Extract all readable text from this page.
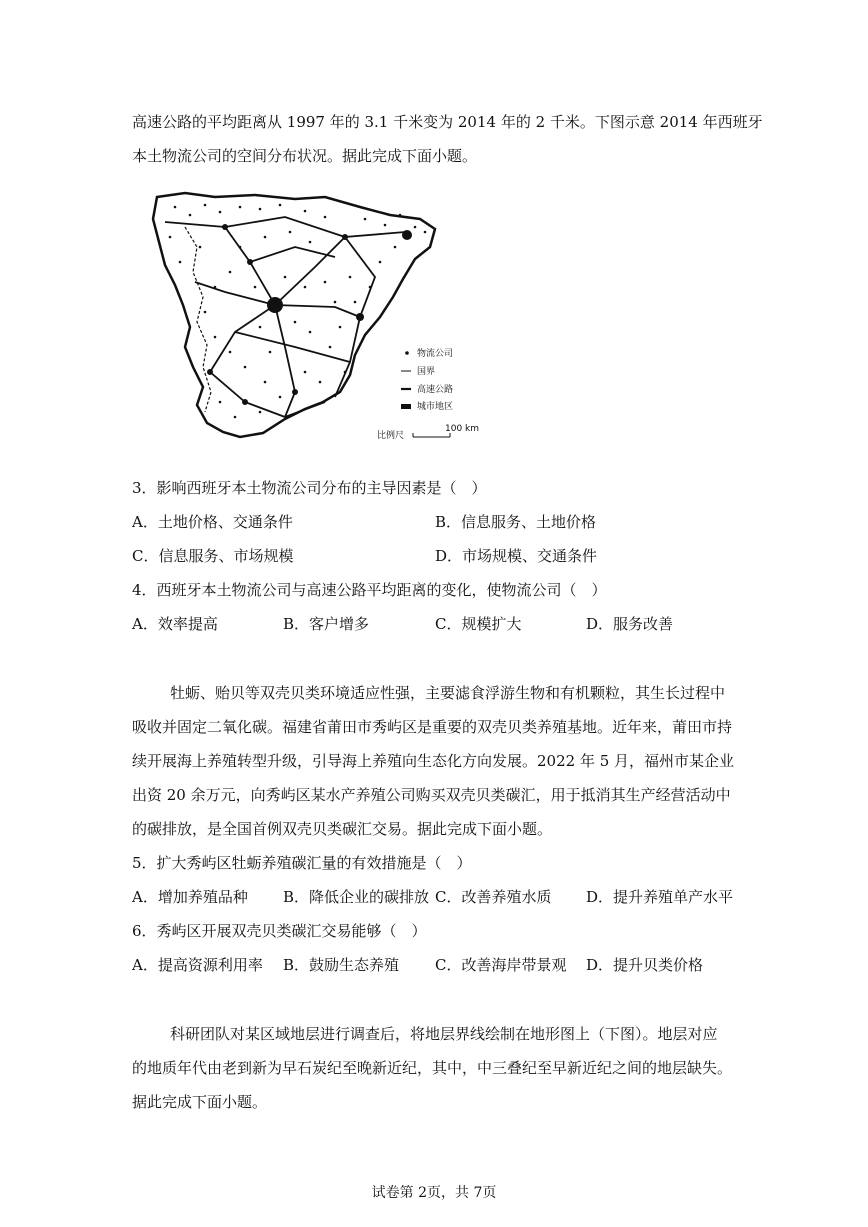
高速公路的平均距离从 1997 年的 3.1 千米变为 2014 年的 2 千米。下图示意 2014 年西班牙
本土物流公司的空间分布状况。据此完成下面小题。
物流公司
国界
高速公路
城市地区
比例尺
100 km
3．影响西班牙本土物流公司分布的主导因素是（　）
A．土地价格、交通条件	B．信息服务、土地价格
C．信息服务、市场规模	D．市场规模、交通条件
4．西班牙本土物流公司与高速公路平均距离的变化，使物流公司（　）
A．效率提高	B．客户增多	C．规模扩大	D．服务改善
牡蛎、贻贝等双壳贝类环境适应性强，主要滤食浮游生物和有机颗粒，其生长过程中
吸收并固定二氧化碳。福建省莆田市秀屿区是重要的双壳贝类养殖基地。近年来，莆田市持
续开展海上养殖转型升级，引导海上养殖向生态化方向发展。2022 年 5 月，福州市某企业
出资 20 余万元，向秀屿区某水产养殖公司购买双壳贝类碳汇，用于抵消其生产经营活动中
的碳排放，是全国首例双壳贝类碳汇交易。据此完成下面小题。
5．扩大秀屿区牡蛎养殖碳汇量的有效措施是（　）
A．增加养殖品种 B．降低企业的碳排放 C．改善养殖水质 D．提升养殖单产水平
6．秀屿区开展双壳贝类碳汇交易能够（　）
A．提高资源利用率 B．鼓励生态养殖 C．改善海岸带景观 D．提升贝类价格
科研团队对某区域地层进行调查后，将地层界线绘制在地形图上（下图）。地层对应
的地质年代由老到新为早石炭纪至晚新近纪，其中，中三叠纪至早新近纪之间的地层缺失。
据此完成下面小题。
试卷第 2页，共 7页
